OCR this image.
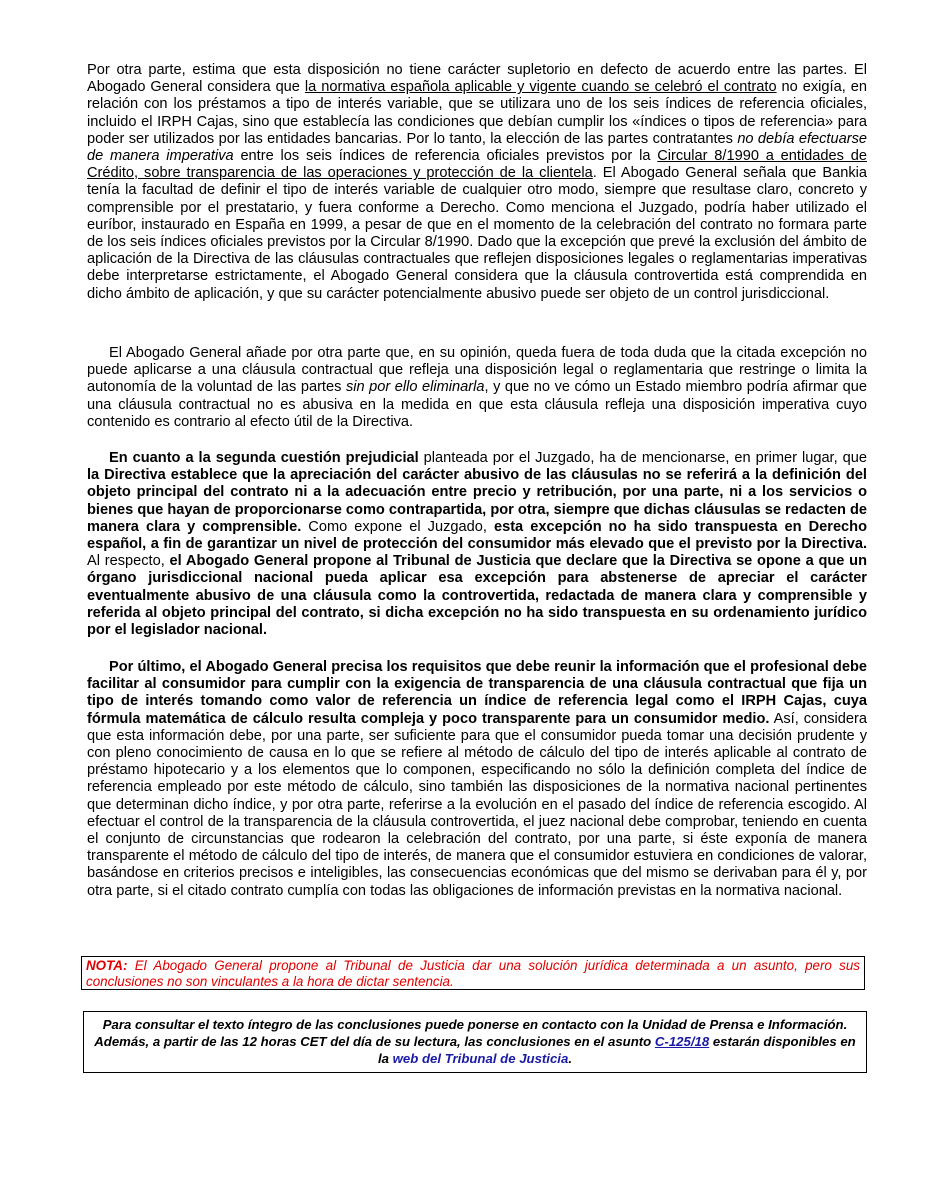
Por otra parte, estima que esta disposición no tiene carácter supletorio en defecto de acuerdo entre las partes. El Abogado General considera que la normativa española aplicable y vigente cuando se celebró el contrato no exigía, en relación con los préstamos a tipo de interés variable, que se utilizara uno de los seis índices de referencia oficiales, incluido el IRPH Cajas, sino que establecía las condiciones que debían cumplir los «índices o tipos de referencia» para poder ser utilizados por las entidades bancarias. Por lo tanto, la elección de las partes contratantes no debía efectuarse de manera imperativa entre los seis índices de referencia oficiales previstos por la Circular 8/1990 a entidades de Crédito, sobre transparencia de las operaciones y protección de la clientela. El Abogado General señala que Bankia tenía la facultad de definir el tipo de interés variable de cualquier otro modo, siempre que resultase claro, concreto y comprensible por el prestatario, y fuera conforme a Derecho. Como menciona el Juzgado, podría haber utilizado el euríbor, instaurado en España en 1999, a pesar de que en el momento de la celebración del contrato no formara parte de los seis índices oficiales previstos por la Circular 8/1990. Dado que la excepción que prevé la exclusión del ámbito de aplicación de la Directiva de las cláusulas contractuales que reflejen disposiciones legales o reglamentarias imperativas debe interpretarse estrictamente, el Abogado General considera que la cláusula controvertida está comprendida en dicho ámbito de aplicación, y que su carácter potencialmente abusivo puede ser objeto de un control jurisdiccional.

El Abogado General añade por otra parte que, en su opinión, queda fuera de toda duda que la citada excepción no puede aplicarse a una cláusula contractual que refleja una disposición legal o reglamentaria que restringe o limita la autonomía de la voluntad de las partes sin por ello eliminarla, y que no ve cómo un Estado miembro podría afirmar que una cláusula contractual no es abusiva en la medida en que esta cláusula refleja una disposición imperativa cuyo contenido es contrario al efecto útil de la Directiva.

En cuanto a la segunda cuestión prejudicial planteada por el Juzgado, ha de mencionarse, en primer lugar, que la Directiva establece que la apreciación del carácter abusivo de las cláusulas no se referirá a la definición del objeto principal del contrato ni a la adecuación entre precio y retribución, por una parte, ni a los servicios o bienes que hayan de proporcionarse como contrapartida, por otra, siempre que dichas cláusulas se redacten de manera clara y comprensible. Como expone el Juzgado, esta excepción no ha sido transpuesta en Derecho español, a fin de garantizar un nivel de protección del consumidor más elevado que el previsto por la Directiva. Al respecto, el Abogado General propone al Tribunal de Justicia que declare que la Directiva se opone a que un órgano jurisdiccional nacional pueda aplicar esa excepción para abstenerse de apreciar el carácter eventualmente abusivo de una cláusula como la controvertida, redactada de manera clara y comprensible y referida al objeto principal del contrato, si dicha excepción no ha sido transpuesta en su ordenamiento jurídico por el legislador nacional.

Por último, el Abogado General precisa los requisitos que debe reunir la información que el profesional debe facilitar al consumidor para cumplir con la exigencia de transparencia de una cláusula contractual que fija un tipo de interés tomando como valor de referencia un índice de referencia legal como el IRPH Cajas, cuya fórmula matemática de cálculo resulta compleja y poco transparente para un consumidor medio. Así, considera que esta información debe, por una parte, ser suficiente para que el consumidor pueda tomar una decisión prudente y con pleno conocimiento de causa en lo que se refiere al método de cálculo del tipo de interés aplicable al contrato de préstamo hipotecario y a los elementos que lo componen, especificando no sólo la definición completa del índice de referencia empleado por este método de cálculo, sino también las disposiciones de la normativa nacional pertinentes que determinan dicho índice, y por otra parte, referirse a la evolución en el pasado del índice de referencia escogido. Al efectuar el control de la transparencia de la cláusula controvertida, el juez nacional debe comprobar, teniendo en cuenta el conjunto de circunstancias que rodearon la celebración del contrato, por una parte, si éste exponía de manera transparente el método de cálculo del tipo de interés, de manera que el consumidor estuviera en condiciones de valorar, basándose en criterios precisos e inteligibles, las consecuencias económicas que del mismo se derivaban para él y, por otra parte, si el citado contrato cumplía con todas las obligaciones de información previstas en la normativa nacional.

NOTA: El Abogado General propone al Tribunal de Justicia dar una solución jurídica determinada a un asunto, pero sus conclusiones no son vinculantes a la hora de dictar sentencia.
Para consultar el texto íntegro de las conclusiones puede ponerse en contacto con la Unidad de Prensa e Información. Además, a partir de las 12 horas CET del día de su lectura, las conclusiones en el asunto C-125/18 estarán disponibles en la web del Tribunal de Justicia.
